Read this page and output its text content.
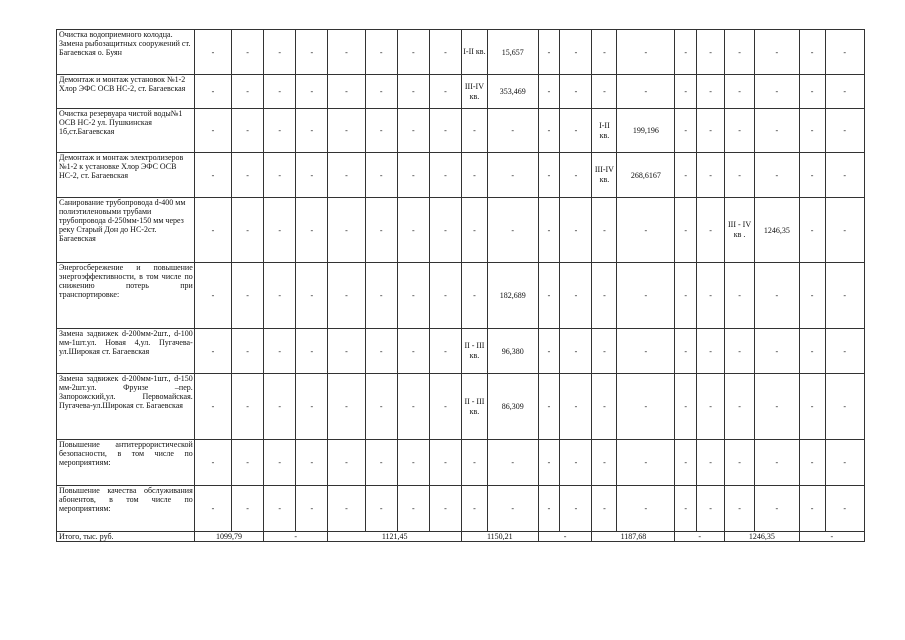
Очистка водоприемного колодца. Замена рыбозащитных сооружений ст. Багаевская о. Буян	-	-	-	-	-	-	-	-	I-II кв.	15,657	-	-	-	-	-	-	-	-	-	-
Демонтаж и монтаж установок №1-2 Хлор ЭФС ОСВ НС-2, ст. Багаевская	-	-	-	-	-	-	-	-	III-IV кв.	353,469	-	-	-	-	-	-	-	-	-	-
Очистка резервуара чистой воды№1 ОСВ НС-2 ул. Пушкинская 1б,ст.Багаевская	-	-	-	-	-	-	-	-	-	-	-	-	I-II кв.	199,196	-	-	-	-	-	-
Демонтаж и монтаж электролизеров №1-2 к установке Хлор ЭФС ОСВ НС-2, ст. Багаевская	-	-	-	-	-	-	-	-	-	-	-	-	III-IV кв.	268,6167	-	-	-	-	-	-
Санирование трубопровода d-400 мм полиэтиленовыми трубами трубопровода d-250мм-150 мм через реку Старый Дон до НС-2ст. Багаевская	-	-	-	-	-	-	-	-	-	-	-	-	-	-	-	-	III - IV кв .	1246,35	-	-
Энергосбережение и повышение энергоэффективности, в том числе по снижению потерь при транспортировке:	-	-	-	-	-	-	-	-	-	182,689	-	-	-	-	-	-	-	-	-	-
Замена задвижек d-200мм-2шт., d-100 мм-1шт.ул. Новая 4,ул. Пугачева-ул.Широкая ст. Багаевская	-	-	-	-	-	-	-	-	II - III кв.	96,380	-	-	-	-	-	-	-	-	-	-
Замена задвижек d-200мм-1шт., d-150 мм-2шт.ул. Фрунзе –пер. Запорожский,ул. Первомайская. Пугачева-ул.Широкая ст. Багаевская	-	-	-	-	-	-	-	-	II - III кв.	86,309	-	-	-	-	-	-	-	-	-	-
Повышение антитеррористической безопасности, в том числе по мероприятиям:	-	-	-	-	-	-	-	-	-	-	-	-	-	-	-	-	-	-	-	-
Повышение качества обслуживания абонентов, в том числе по мероприятиям:	-	-	-	-	-	-	-	-	-	-	-	-	-	-	-	-	-	-	-	-
Итого, тыс. руб.	1099,79		-		1121,45				1150,21		-		1187,68		-		1246,35		-	
